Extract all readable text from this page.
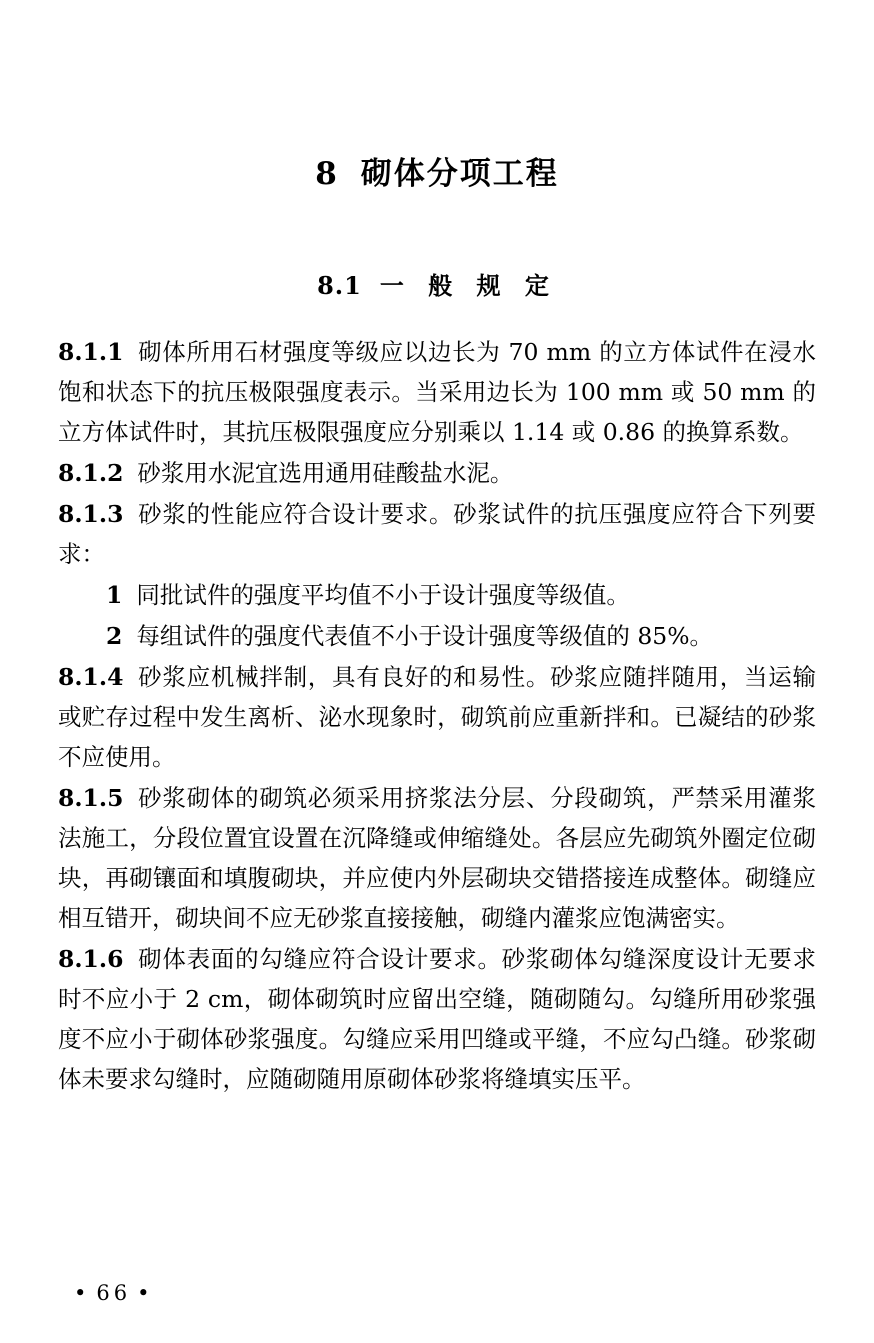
8 砌体分项工程
8.1 一 般 规 定

8.1.1 砌体所用石材强度等级应以边长为 70 mm 的立方体试件在浸水饱和状态下的抗压极限强度表示。当采用边长为 100 mm 或 50 mm 的立方体试件时，其抗压极限强度应分别乘以 1.14 或 0.86 的换算系数。

8.1.2 砂浆用水泥宜选用通用硅酸盐水泥。

8.1.3 砂浆的性能应符合设计要求。砂浆试件的抗压强度应符合下列要求：

1 同批试件的强度平均值不小于设计强度等级值。

2 每组试件的强度代表值不小于设计强度等级值的 85%。

8.1.4 砂浆应机械拌制，具有良好的和易性。砂浆应随拌随用，当运输或贮存过程中发生离析、泌水现象时，砌筑前应重新拌和。已凝结的砂浆不应使用。

8.1.5 砂浆砌体的砌筑必须采用挤浆法分层、分段砌筑，严禁采用灌浆法施工，分段位置宜设置在沉降缝或伸缩缝处。各层应先砌筑外圈定位砌块，再砌镶面和填腹砌块，并应使内外层砌块交错搭接连成整体。砌缝应相互错开，砌块间不应无砂浆直接接触，砌缝内灌浆应饱满密实。

8.1.6 砌体表面的勾缝应符合设计要求。砂浆砌体勾缝深度设计无要求时不应小于 2 cm，砌体砌筑时应留出空缝，随砌随勾。勾缝所用砂浆强度不应小于砌体砂浆强度。勾缝应采用凹缝或平缝，不应勾凸缝。砂浆砌体未要求勾缝时，应随砌随用原砌体砂浆将缝填实压平。

• 66 •
